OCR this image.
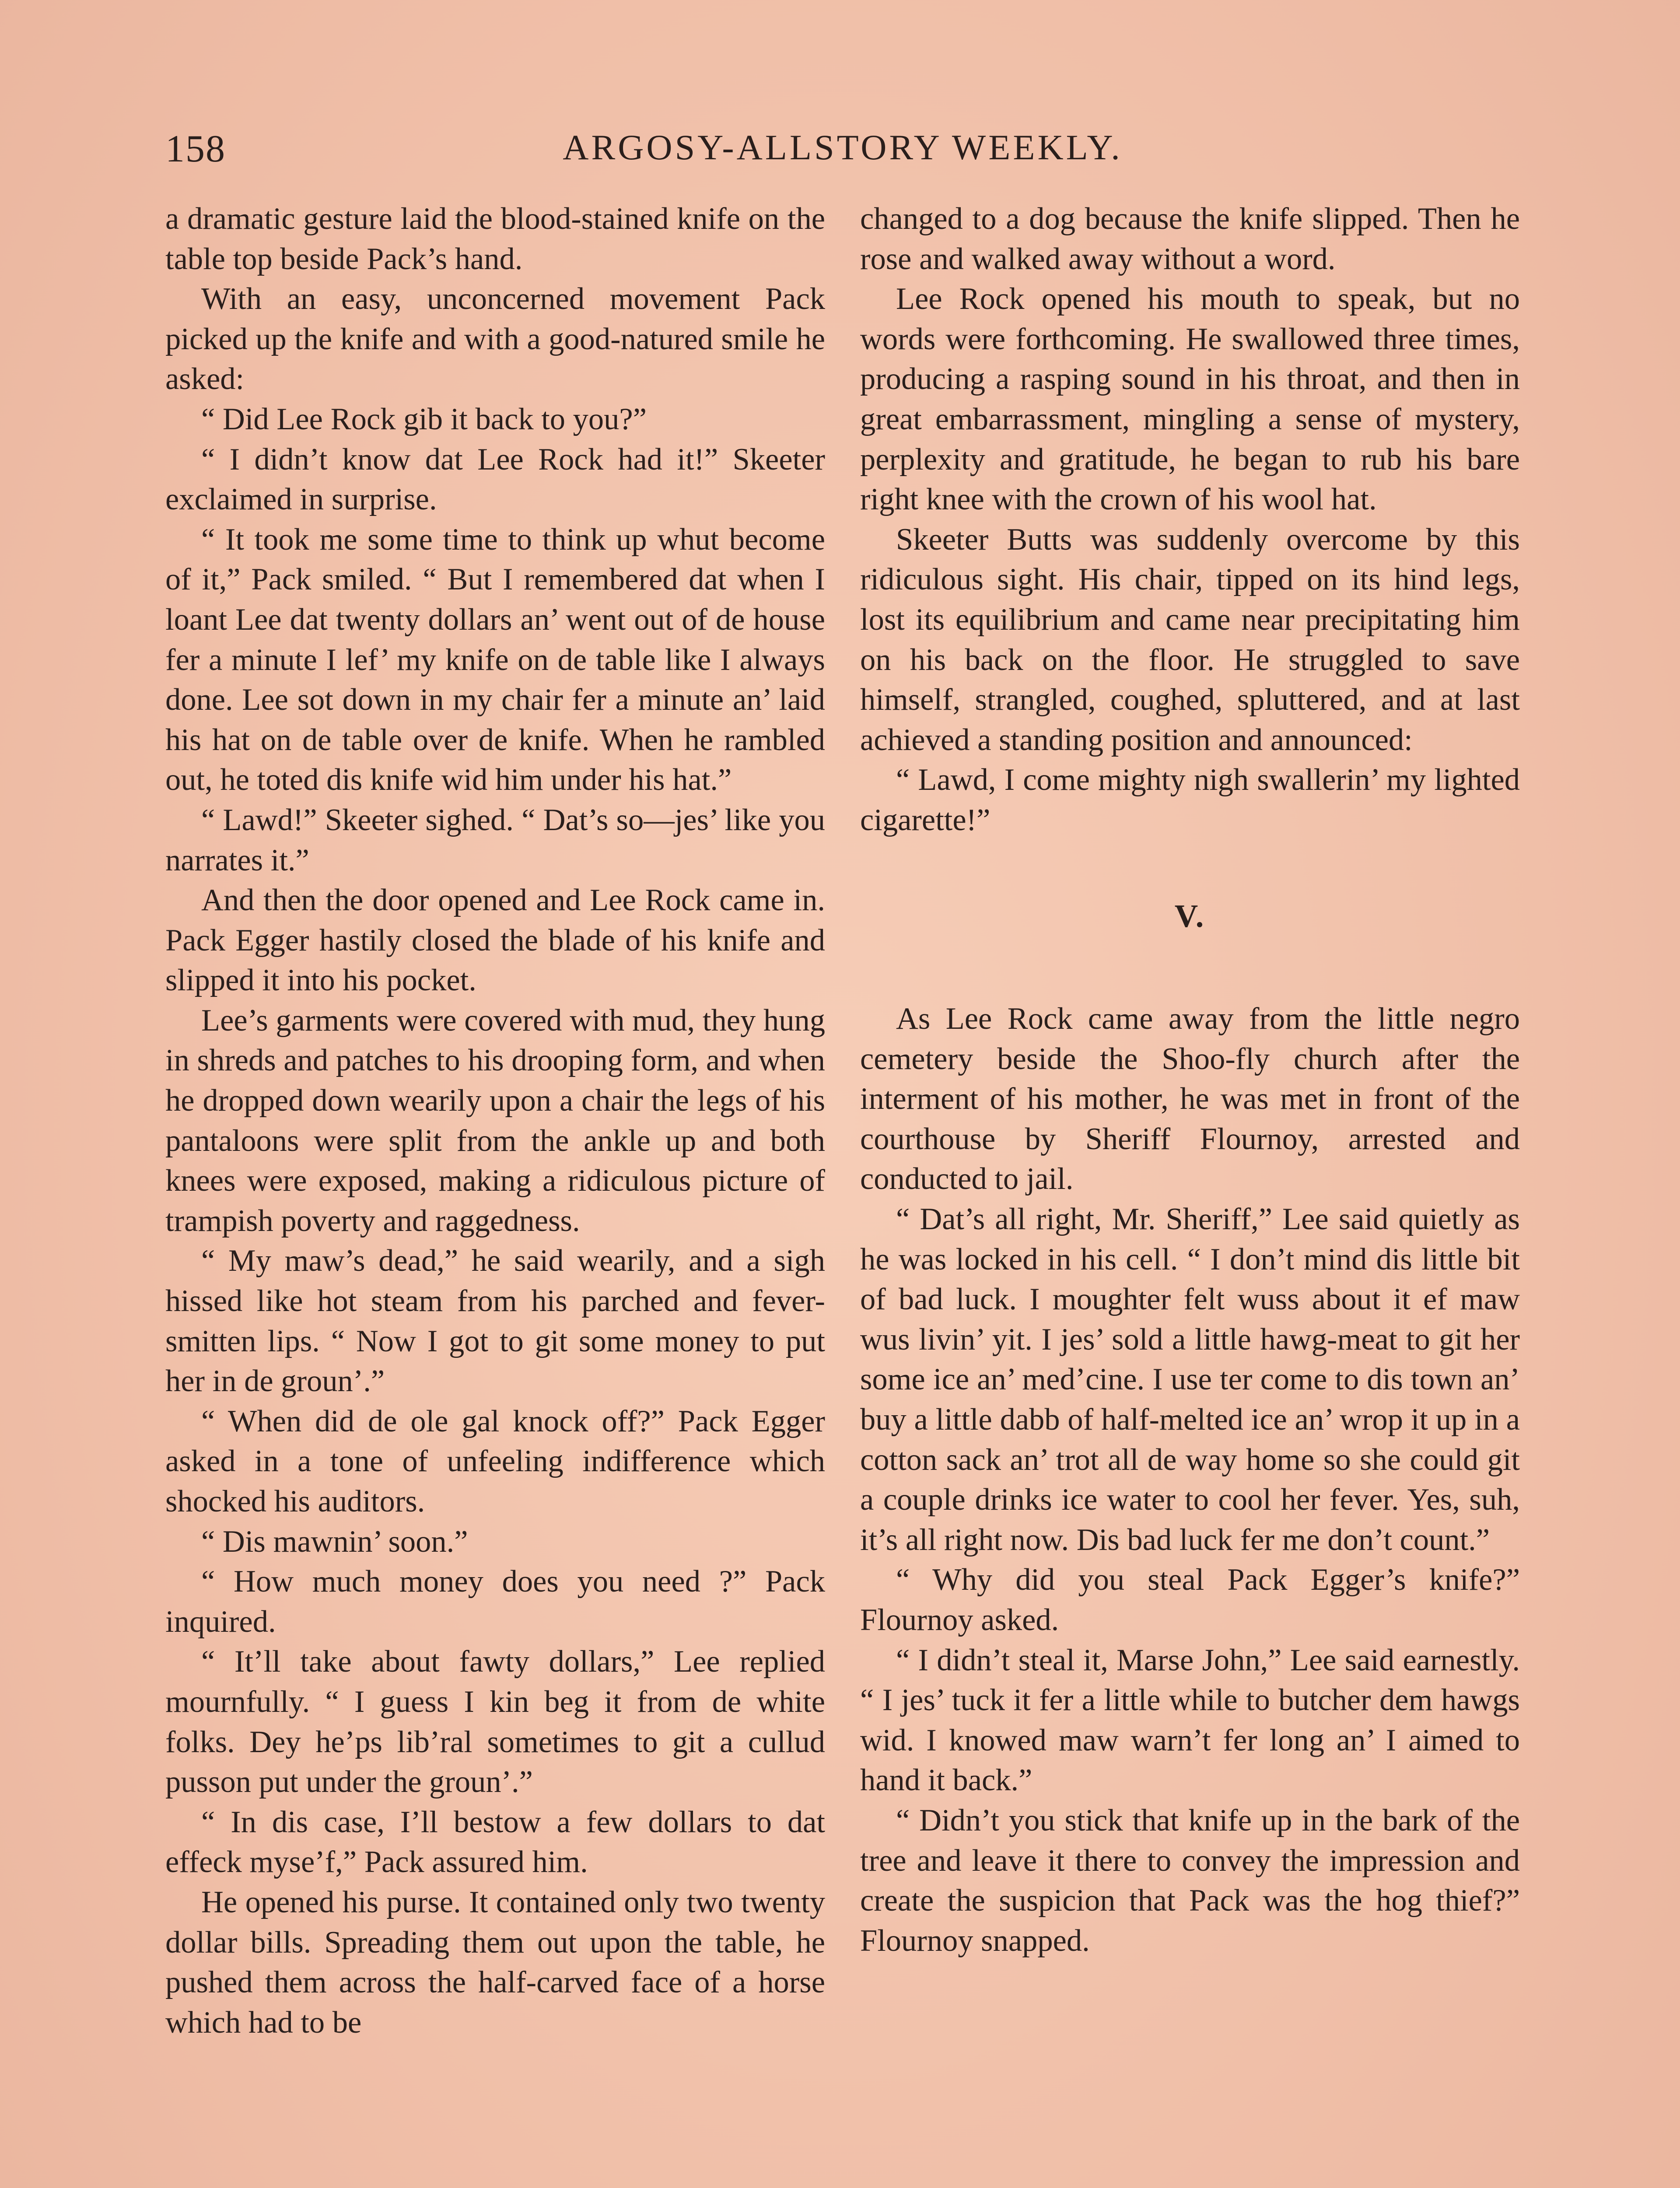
158	ARGOSY-ALLSTORY WEEKLY.

a dramatic gesture laid the blood-stained knife on the table top beside Pack’s hand.

With an easy, unconcerned movement Pack picked up the knife and with a good-natured smile he asked:

“ Did Lee Rock gib it back to you?”

“ I didn’t know dat Lee Rock had it!” Skeeter exclaimed in surprise.

“ It took me some time to think up whut become of it,” Pack smiled. “ But I remembered dat when I loant Lee dat twenty dollars an’ went out of de house fer a minute I lef’ my knife on de table like I always done. Lee sot down in my chair fer a minute an’ laid his hat on de table over de knife. When he rambled out, he toted dis knife wid him under his hat.”

“ Lawd!” Skeeter sighed. “ Dat’s so—jes’ like you narrates it.”

And then the door opened and Lee Rock came in. Pack Egger hastily closed the blade of his knife and slipped it into his pocket.

Lee’s garments were covered with mud, they hung in shreds and patches to his drooping form, and when he dropped down wearily upon a chair the legs of his pantaloons were split from the ankle up and both knees were exposed, making a ridiculous picture of trampish poverty and raggedness.

“ My maw’s dead,” he said wearily, and a sigh hissed like hot steam from his parched and fever-smitten lips. “ Now I got to git some money to put her in de groun’.”

“ When did de ole gal knock off?” Pack Egger asked in a tone of unfeeling indifference which shocked his auditors.

“ Dis mawnin’ soon.”

“ How much money does you need ?” Pack inquired.

“ It’ll take about fawty dollars,” Lee replied mournfully. “ I guess I kin beg it from de white folks. Dey he’ps lib’ral sometimes to git a cullud pusson put under the groun’.”

“ In dis case, I’ll bestow a few dollars to dat effeck myse’f,” Pack assured him.

He opened his purse. It contained only two twenty dollar bills. Spreading them out upon the table, he pushed them across the half-carved face of a horse which had to be

changed to a dog because the knife slipped. Then he rose and walked away without a word.

Lee Rock opened his mouth to speak, but no words were forthcoming. He swallowed three times, producing a rasping sound in his throat, and then in great embarrassment, mingling a sense of mystery, perplexity and gratitude, he began to rub his bare right knee with the crown of his wool hat.

Skeeter Butts was suddenly overcome by this ridiculous sight. His chair, tipped on its hind legs, lost its equilibrium and came near precipitating him on his back on the floor. He struggled to save himself, strangled, coughed, spluttered, and at last achieved a standing position and announced:

“ Lawd, I come mighty nigh swallerin’ my lighted cigarette!”

V.

As Lee Rock came away from the little negro cemetery beside the Shoo-fly church after the interment of his mother, he was met in front of the courthouse by Sheriff Flournoy, arrested and conducted to jail.

“ Dat’s all right, Mr. Sheriff,” Lee said quietly as he was locked in his cell. “ I don’t mind dis little bit of bad luck. I moughter felt wuss about it ef maw wus livin’ yit. I jes’ sold a little hawg-meat to git her some ice an’ med’cine. I use ter come to dis town an’ buy a little dabb of half-melted ice an’ wrop it up in a cotton sack an’ trot all de way home so she could git a couple drinks ice water to cool her fever. Yes, suh, it’s all right now. Dis bad luck fer me don’t count.”

“ Why did you steal Pack Egger’s knife?” Flournoy asked.

“ I didn’t steal it, Marse John,” Lee said earnestly. “ I jes’ tuck it fer a little while to butcher dem hawgs wid. I knowed maw warn’t fer long an’ I aimed to hand it back.”

“ Didn’t you stick that knife up in the bark of the tree and leave it there to convey the impression and create the suspicion that Pack was the hog thief?” Flournoy snapped.
